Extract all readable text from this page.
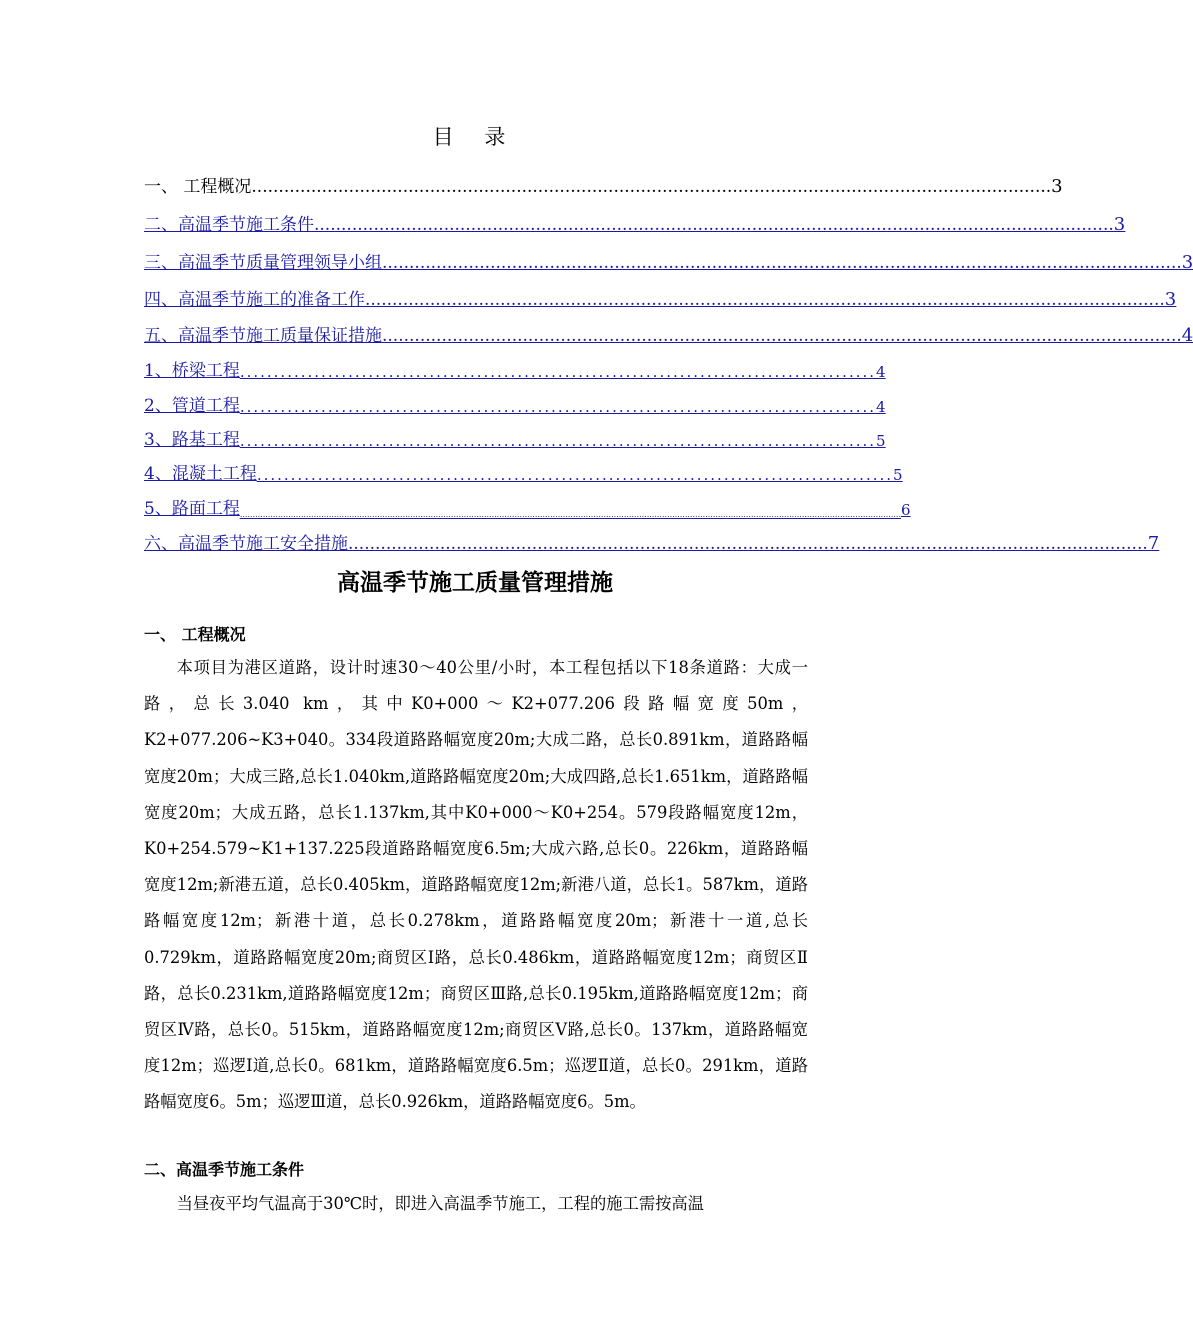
目 录
一、 工程概况 .................................................................................................................................................... 3
二、高温季节施工条件 .................................................................................................................................................... 3
三、高温季节质量管理领导小组 .................................................................................................................................................... 3
四、高温季节施工的准备工作 .................................................................................................................................................... 3
五、高温季节施工质量保证措施 .................................................................................................................................................... 4
1、桥梁工程 .............................................................................................. 4
2、管道工程 .............................................................................................. 4
3、路基工程 .............................................................................................. 5
4、混凝土工程 .............................................................................................. 5
5、路面工程 .................................................................................................................................................................................................................................................................... 6
六、高温季节施工安全措施 .................................................................................................................................................... 7
高温季节施工质量管理措施
一、 工程概况

本项目为港区道路，设计时速30～40公里/小时，本工程包括以下18条道路：大成一路，总长3.040 km，其中K0+000～K2+077.206段路幅宽度50m，K2+077.206~K3+040。334段道路路幅宽度20m;大成二路，总长0.891km，道路路幅宽度20m；大成三路,总长1.040km,道路路幅宽度20m;大成四路,总长1.651km，道路路幅宽度20m；大成五路，总长1.137km,其中K0+000～K0+254。579段路幅宽度12m，K0+254.579~K1+137.225段道路路幅宽度6.5m;大成六路,总长0。226km，道路路幅宽度12m;新港五道，总长0.405km，道路路幅宽度12m;新港八道，总长1。587km，道路路幅宽度12m；新港十道，总长0.278km，道路路幅宽度20m；新港十一道,总长0.729km，道路路幅宽度20m;商贸区Ⅰ路，总长0.486km，道路路幅宽度12m；商贸区Ⅱ路，总长0.231km,道路路幅宽度12m；商贸区Ⅲ路,总长0.195km,道路路幅宽度12m；商贸区Ⅳ路，总长0。515km，道路路幅宽度12m;商贸区Ⅴ路,总长0。137km，道路路幅宽度12m；巡逻Ⅰ道,总长0。681km，道路路幅宽度6.5m；巡逻Ⅱ道，总长0。291km，道路路幅宽度6。5m；巡逻Ⅲ道，总长0.926km，道路路幅宽度6。5m。

二、高温季节施工条件

当昼夜平均气温高于30℃时，即进入高温季节施工，工程的施工需按高温
